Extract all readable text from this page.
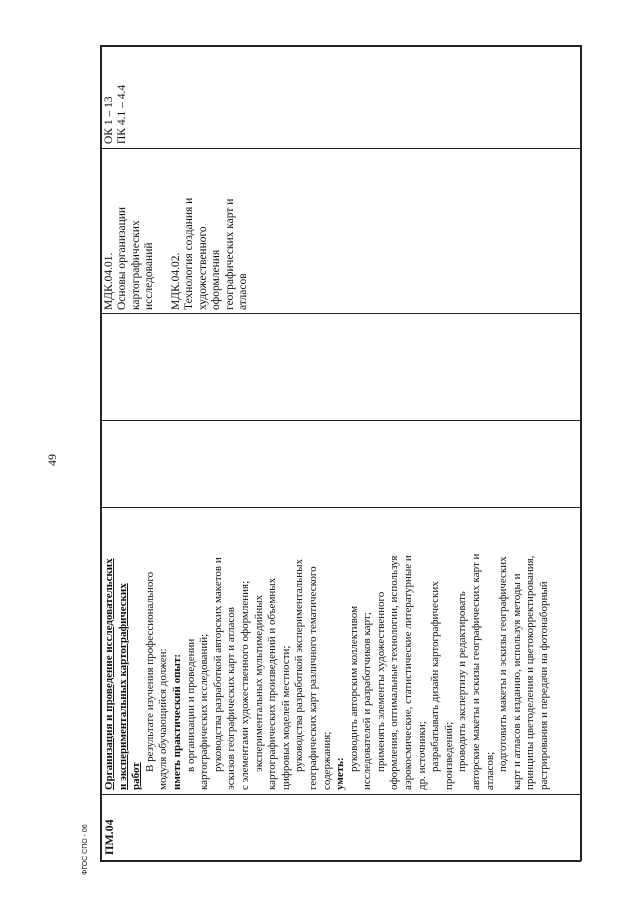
49
ФГОС СПО - 06 ПМ.04
Организация и проведение исследовательских и экспериментальных картографических работ
В результате изучения профессионального модуля обучающийся должен: иметь практический опыт: в организации и проведении картографических исследований; руководства разработкой авторских макетов и эскизов географических карт и атласов с элементами художественного оформления; экспериментальных мультимедийных картографических произведений и объемных цифровых моделей местности; руководства разработкой экспериментальных географических карт различного тематического содержания; уметь:
руководить авторским коллективом исследователей и разработчиков карт; применять элементы художественного оформления, оптимальные технологии, используя аэрокосмические, статистические литературные и др. источники; разрабатывать дизайн картографических произведений; проводить экспертизу и редактировать авторские макеты и эскизы географических карт и атласов; подготовить макеты и эскизы географических карт и атласов к изданию, используя методы и принципы цветоделения и цветокорректирования, растрирования и передачи на фотонаборный
МДК.04.01. Основы организации картографических исследований
МДК.04.02. Технология создания и художественного оформления географических карт и атласов
ОК 1 – 13 ПК 4.1 – 4.4
